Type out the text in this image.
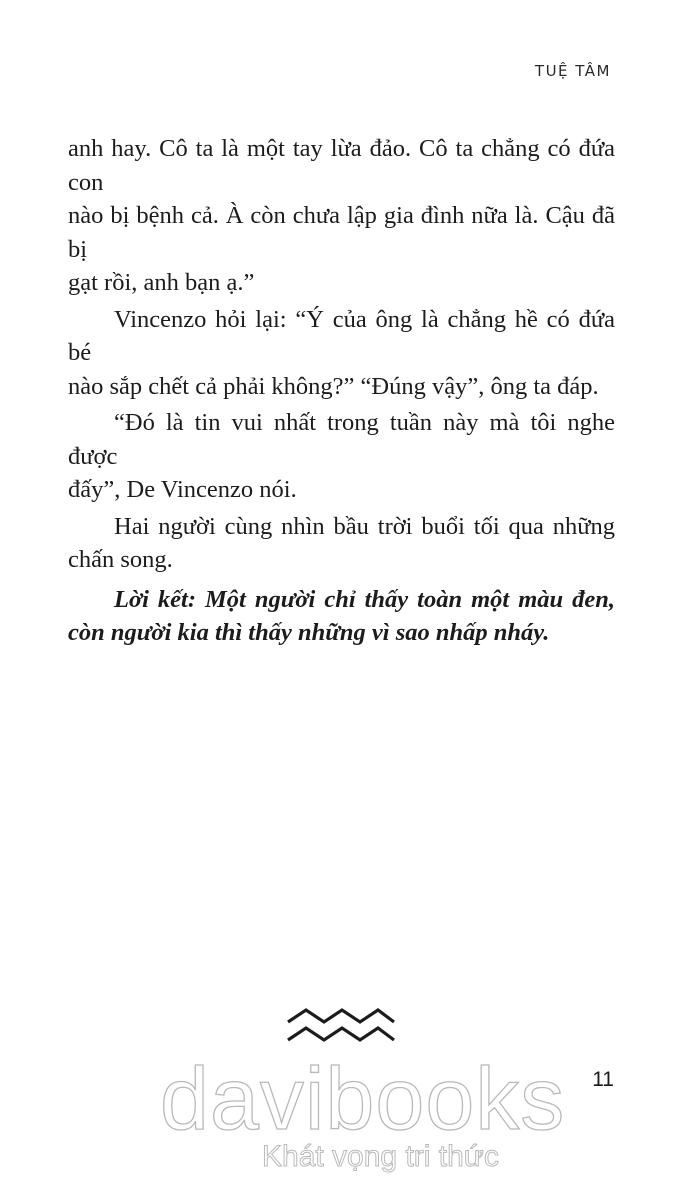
TUỆ TÂM

anh hay. Cô ta là một tay lừa đảo. Cô ta chẳng có đứa con
nào bị bệnh cả. À còn chưa lập gia đình nữa là. Cậu đã bị
gạt rồi, anh bạn ạ.”

Vincenzo hỏi lại: “Ý của ông là chẳng hề có đứa bé
nào sắp chết cả phải không?” “Đúng vậy”, ông ta đáp.

“Đó là tin vui nhất trong tuần này mà tôi nghe được
đấy”, De Vincenzo nói.

Hai người cùng nhìn bầu trời buổi tối qua những
chấn song.

Lời kết: Một người chỉ thấy toàn một màu đen,
còn người kia thì thấy những vì sao nhấp nháy.

davibooks
Khát vọng tri thức
11
